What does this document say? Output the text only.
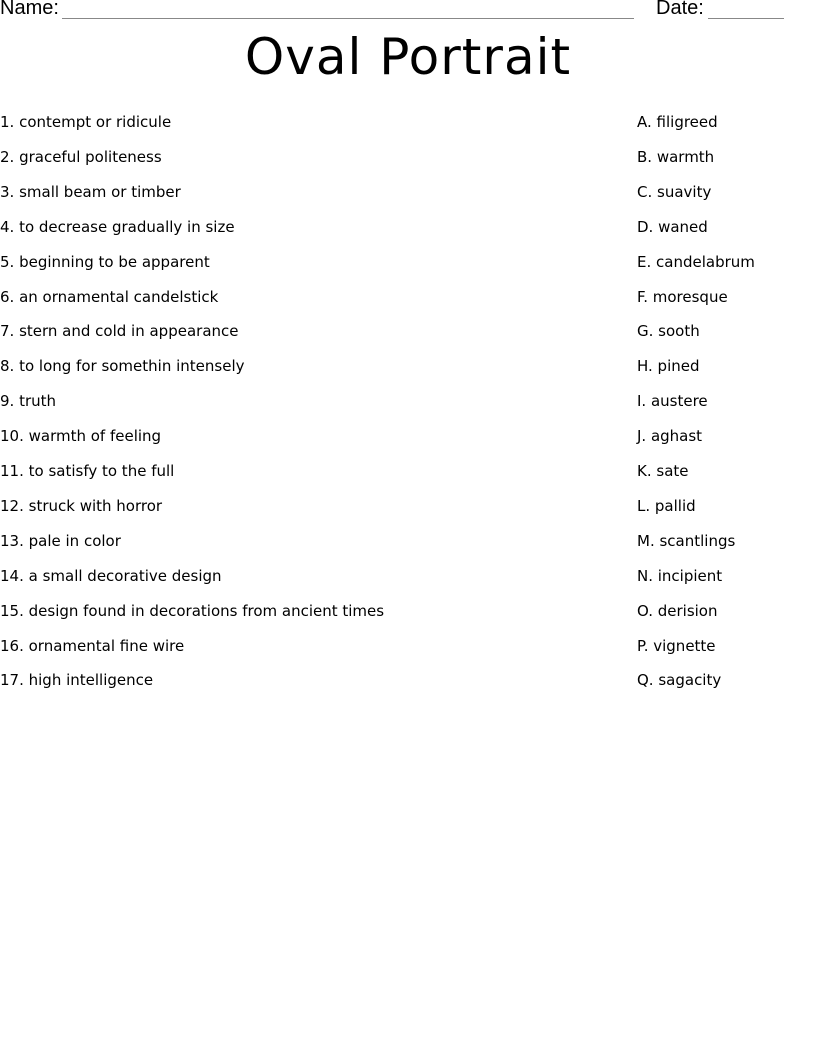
Name:	Date:
Oval Portrait
1. contempt or ridicule	A. filigreed
2. graceful politeness	B. warmth
3. small beam or timber	C. suavity
4. to decrease gradually in size	D. waned
5. beginning to be apparent	E. candelabrum
6. an ornamental candelstick	F. moresque
7. stern and cold in appearance	G. sooth
8. to long for somethin intensely	H. pined
9. truth	I. austere
10. warmth of feeling	J. aghast
11. to satisfy to the full	K. sate
12. struck with horror	L. pallid
13. pale in color	M. scantlings
14. a small decorative design	N. incipient
15. design found in decorations from ancient times	O. derision
16. ornamental fine wire	P. vignette
17. high intelligence	Q. sagacity
